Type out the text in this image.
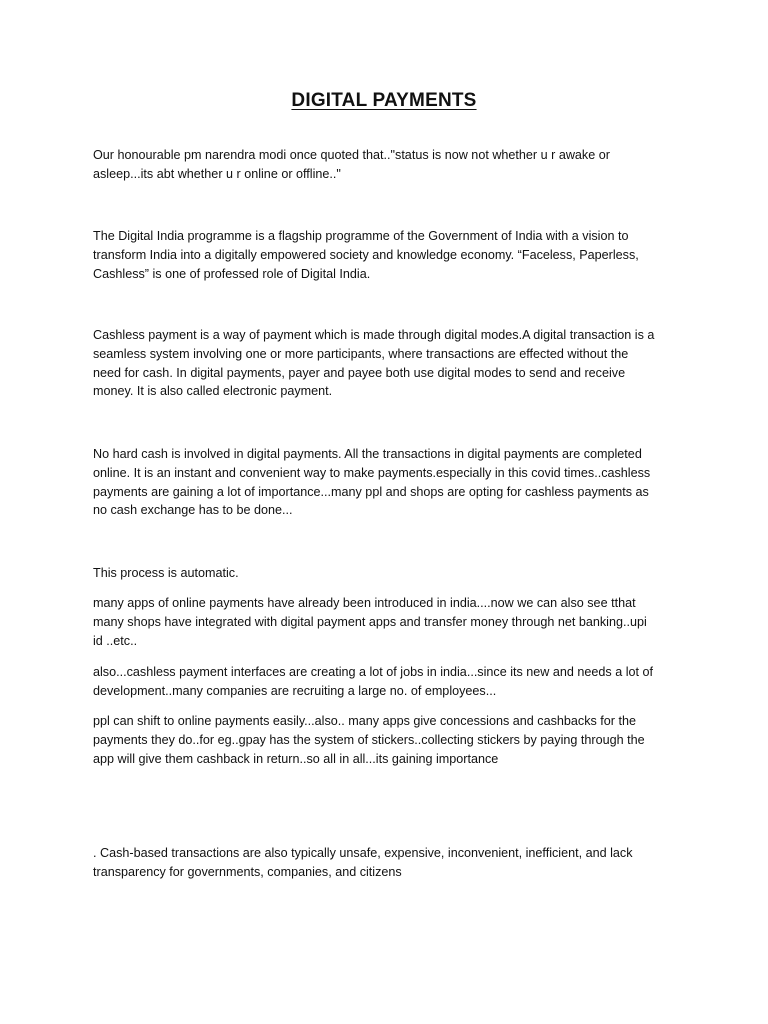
DIGITAL PAYMENTS

Our honourable pm narendra modi once quoted that.."status is now not whether u r awake or
asleep...its abt whether u r online or offline.."

The Digital India programme is a flagship programme of the Government of India with a vision to
transform India into a digitally empowered society and knowledge economy. “Faceless, Paperless,
Cashless” is one of professed role of Digital India.

Cashless payment is a way of payment which is made through digital modes.A digital transaction is a
seamless system involving one or more participants, where transactions are effected without the
need for cash. In digital payments, payer and payee both use digital modes to send and receive
money. It is also called electronic payment.

No hard cash is involved in digital payments. All the transactions in digital payments are completed
online. It is an instant and convenient way to make payments.especially in this covid times..cashless
payments are gaining a lot of importance...many ppl and shops are opting for cashless payments as
no cash exchange has to be done...

This process is automatic.

many apps of online payments have already been introduced in india....now we can also see tthat
many shops have integrated with digital payment apps and transfer money through net banking..upi
id ..etc..

also...cashless payment interfaces are creating a lot of jobs in india...since its new and needs a lot of
development..many companies are recruiting a large no. of employees...

ppl can shift to online payments easily...also.. many apps give concessions and cashbacks for the
payments they do..for eg..gpay has the system of stickers..collecting stickers by paying through the
app will give them cashback in return..so all in all...its gaining importance

. Cash-based transactions are also typically unsafe, expensive, inconvenient, inefficient, and lack
transparency for governments, companies, and citizens
